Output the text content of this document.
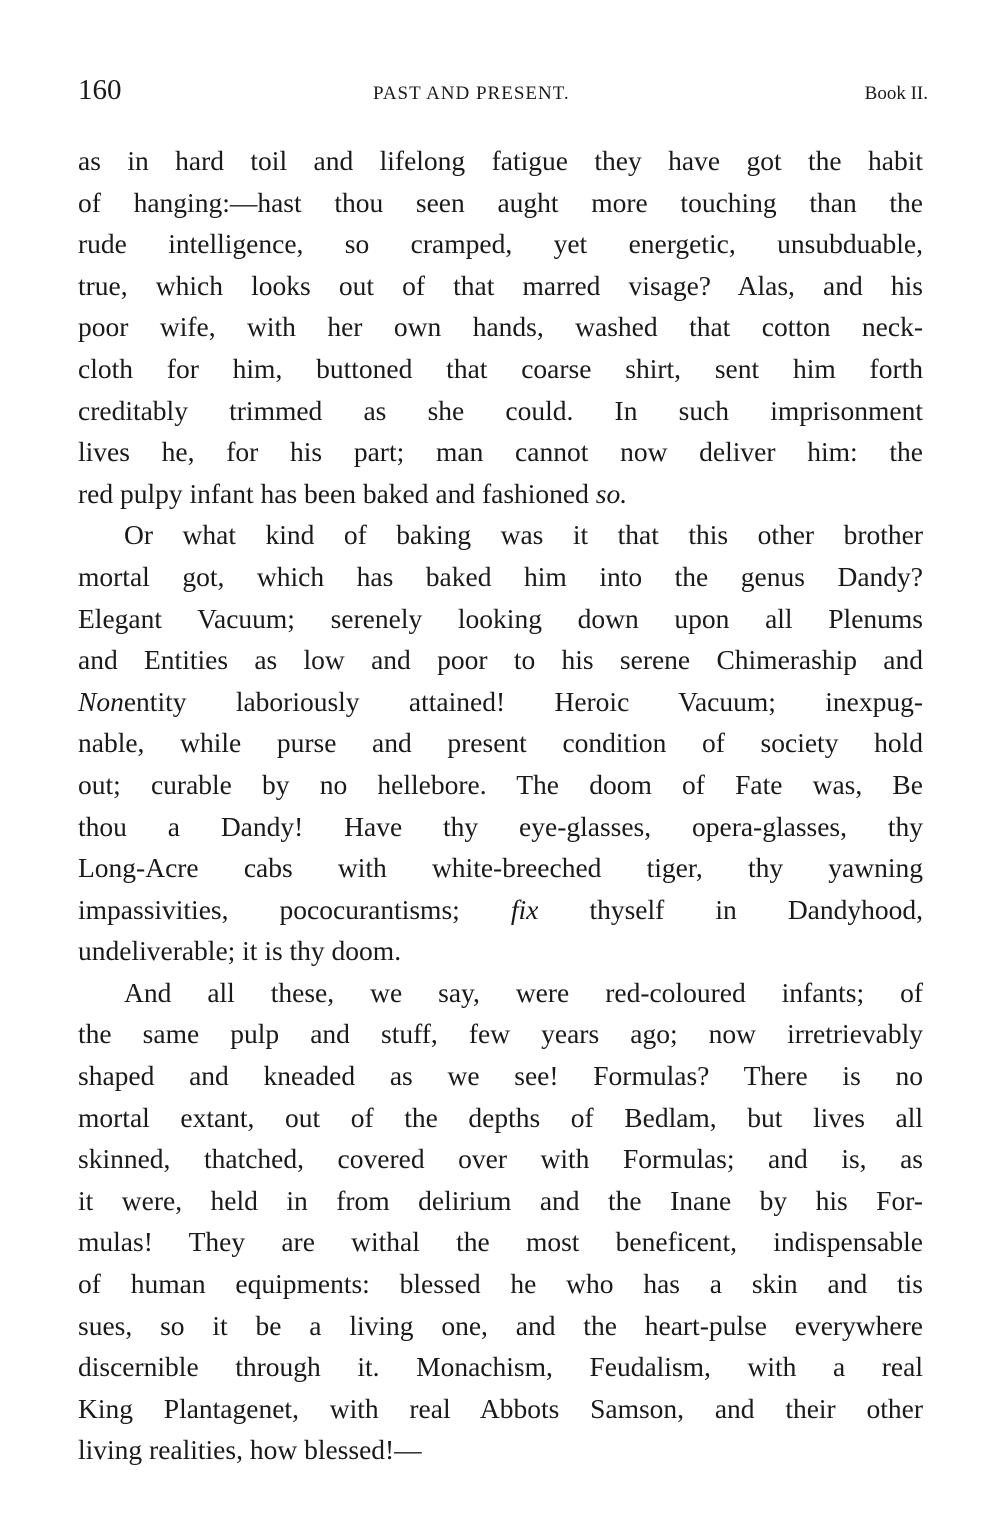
160	PAST AND PRESENT.	Book II.
as in hard toil and lifelong fatigue they have got the habit
of hanging:—hast thou seen aught more touching than the
rude intelligence, so cramped, yet energetic, unsubduable,
true, which looks out of that marred visage? Alas, and his
poor wife, with her own hands, washed that cotton neck-
cloth for him, buttoned that coarse shirt, sent him forth
creditably trimmed as she could. In such imprisonment
lives he, for his part; man cannot now deliver him: the
red pulpy infant has been baked and fashioned so.
Or what kind of baking was it that this other brother
mortal got, which has baked him into the genus Dandy?
Elegant Vacuum; serenely looking down upon all Plenums
and Entities as low and poor to his serene Chimeraship and
Nonentity laboriously attained! Heroic Vacuum; inexpug-
nable, while purse and present condition of society hold
out; curable by no hellebore. The doom of Fate was, Be
thou a Dandy! Have thy eye-glasses, opera-glasses, thy
Long-Acre cabs with white-breeched tiger, thy yawning
impassivities, pococurantisms; fix thyself in Dandyhood,
undeliverable; it is thy doom.
And all these, we say, were red-coloured infants; of
the same pulp and stuff, few years ago; now irretrievably
shaped and kneaded as we see! Formulas? There is no
mortal extant, out of the depths of Bedlam, but lives all
skinned, thatched, covered over with Formulas; and is, as
it were, held in from delirium and the Inane by his For-
mulas! They are withal the most beneficent, indispensable
of human equipments: blessed he who has a skin and tis
sues, so it be a living one, and the heart-pulse everywhere
discernible through it. Monachism, Feudalism, with a real
King Plantagenet, with real Abbots Samson, and their other
living realities, how blessed!—
